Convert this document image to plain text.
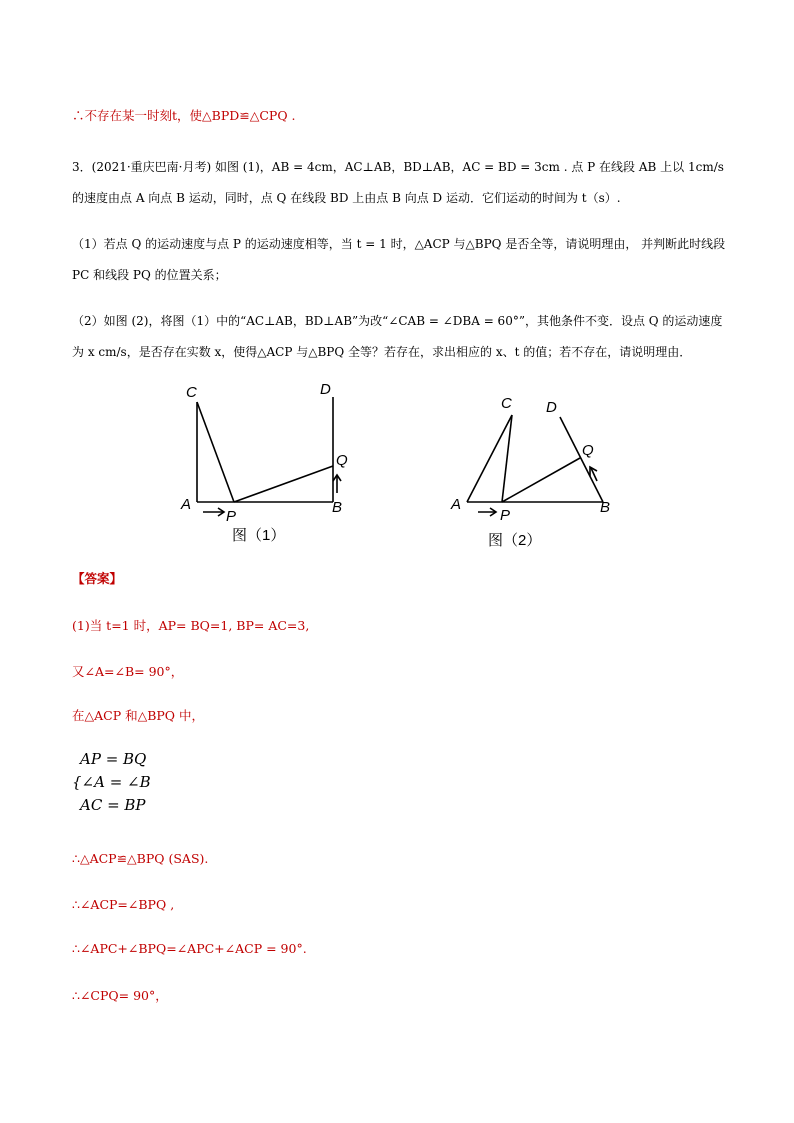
∴不存在某一时刻t，使△BPD≌△CPQ .
3．(2021·重庆巴南·月考) 如图 (1)，AB = 4cm，AC⊥AB，BD⊥AB，AC = BD = 3cm . 点 P 在线段 AB 上以 1cm/s
的速度由点 A 向点 B 运动，同时，点 Q 在线段 BD 上由点 B 向点 D 运动．它们运动的时间为 t（s）.
（1）若点 Q 的运动速度与点 P 的运动速度相等，当 t = 1 时，△ACP 与△BPQ 是否全等，请说明理由， 并判断此时线段
PC 和线段 PQ 的位置关系；
（2）如图 (2)，将图（1）中的“AC⊥AB，BD⊥AB”为改“∠CAB = ∠DBA = 60°”，其他条件不变．设点 Q 的运动速度
为 x cm/s，是否存在实数 x，使得△ACP 与△BPQ 全等？若存在，求出相应的 x、t 的值；若不存在，请说明理由．
C	D
Q
A
P
B
图（1）
C D
Q
A
P	B
图（2）
【答案】
(1)当 t=1 时，AP= BQ=1, BP= AC=3,
又∠A=∠B= 90°，
在△ACP 和△BPQ 中，
AP = BQ
{∠A = ∠B
AC = BP
∴△ACP≌△BPQ (SAS).
∴∠ACP=∠BPQ ,
∴∠APC+∠BPQ=∠APC+∠ACP = 90°.
∴∠CPQ= 90°，
